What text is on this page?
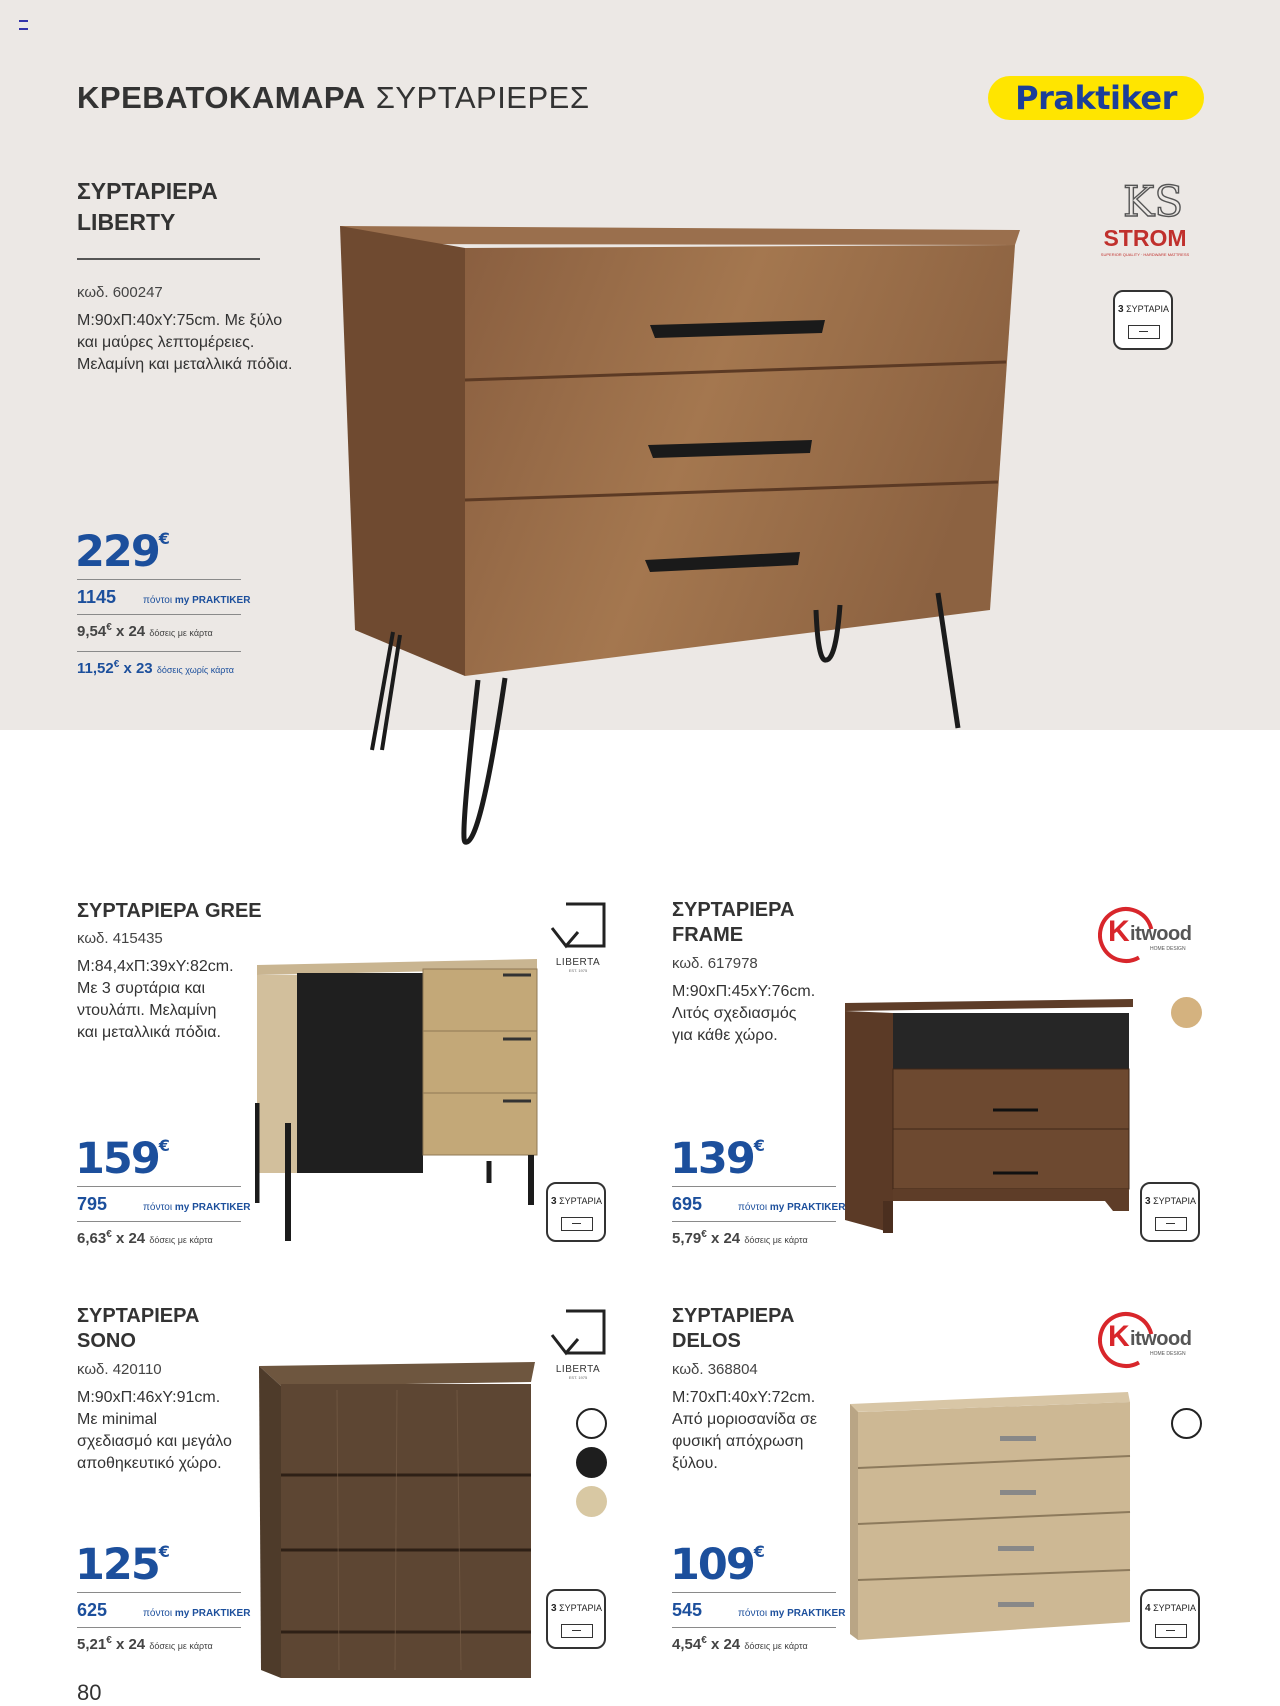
ΚΡΕΒΑΤΟΚΑΜΑΡΑ ΣΥΡΤΑΡΙΕΡΕΣ	Praktiker
ΣΥΡΤΑΡΙΕΡΑ
LIBERTY
κωδ. 600247
Μ:90xΠ:40xΥ:75cm. Με ξύλο
και μαύρες λεπτομέρειες.
Μελαμίνη και μεταλλικά πόδια.
229€
1145	πόντοι my PRAKTIKER
9,54€ x 24 δόσεις με κάρτα
11,52€ x 23 δόσεις χωρίς κάρτα
KS
STROM
SUPERIOR QUALITY · HARDWARE MATTRESS
3 ΣΥΡΤΑΡΙΑ
ΣΥΡΤΑΡΙΕΡΑ GREE
κωδ. 415435
Μ:84,4xΠ:39xΥ:82cm.
Με 3 συρτάρια και
ντουλάπι. Μελαμίνη
και μεταλλικά πόδια.
159€
795	πόντοι my PRAKTIKER
6,63€ x 24 δόσεις με κάρτα
LIBERTA
EST. 1975
3 ΣΥΡΤΑΡΙΑ
ΣΥΡΤΑΡΙΕΡΑ
FRAME
κωδ. 617978
Μ:90xΠ:45xΥ:76cm.
Λιτός σχεδιασμός
για κάθε χώρο.
139€
695	πόντοι my PRAKTIKER
5,79€ x 24 δόσεις με κάρτα
K itwood
HOME DESIGN
3 ΣΥΡΤΑΡΙΑ
ΣΥΡΤΑΡΙΕΡΑ
SONO
κωδ. 420110
Μ:90xΠ:46xΥ:91cm.
Με minimal
σχεδιασμό και μεγάλο
αποθηκευτικό χώρο.
125€
625	πόντοι my PRAKTIKER
5,21€ x 24 δόσεις με κάρτα
LIBERTA
EST. 1975
3 ΣΥΡΤΑΡΙΑ
ΣΥΡΤΑΡΙΕΡΑ
DELOS
κωδ. 368804
Μ:70xΠ:40xΥ:72cm.
Από μοριοσανίδα σε
φυσική απόχρωση
ξύλου.
109€
545	πόντοι my PRAKTIKER
4,54€ x 24 δόσεις με κάρτα
K itwood
HOME DESIGN
4 ΣΥΡΤΑΡΙΑ
80
